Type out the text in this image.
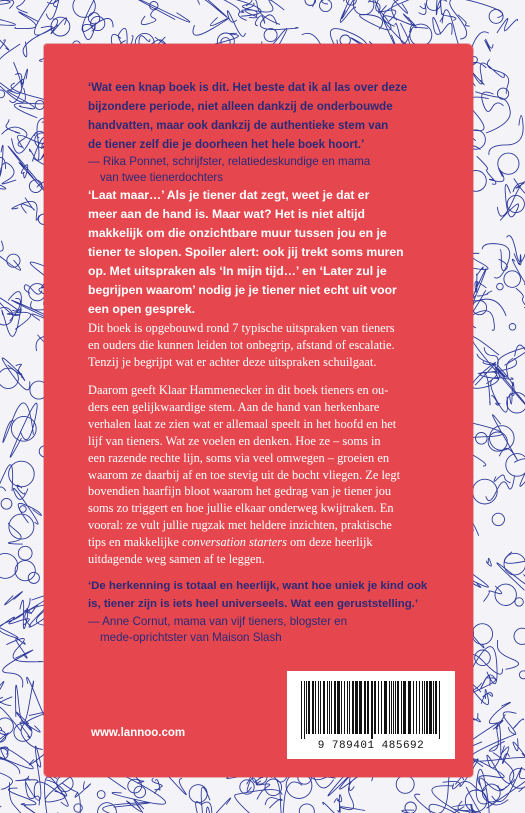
‘Wat een knap boek is dit. Het beste dat ik al las over deze
bijzondere periode, niet alleen dankzij de onderbouwde
handvatten, maar ook dankzij de authentieke stem van
de tiener zelf die je doorheen het hele boek hoort.’
— Rika Ponnet, schrijfster, relatiedeskundige en mama
van twee tienerdochters
‘Laat maar…’ Als je tiener dat zegt, weet je dat er
meer aan de hand is. Maar wat? Het is niet altijd
makkelijk om die onzichtbare muur tussen jou en je
tiener te slopen. Spoiler alert: ook jij trekt soms muren
op. Met uitspraken als ‘In mijn tijd…’ en ‘Later zul je
begrijpen waarom’ nodig je je tiener niet echt uit voor
een open gesprek.
Dit boek is opgebouwd rond 7 typische uitspraken van tieners
en ouders die kunnen leiden tot onbegrip, afstand of escalatie.
Tenzij je begrijpt wat er achter deze uitspraken schuilgaat.
Daarom geeft Klaar Hammenecker in dit boek tieners en ou-
ders een gelijkwaardige stem. Aan de hand van herkenbare
verhalen laat ze zien wat er allemaal speelt in het hoofd en het
lijf van tieners. Wat ze voelen en denken. Hoe ze – soms in
een razende rechte lijn, soms via veel omwegen – groeien en
waarom ze daarbij af en toe stevig uit de bocht vliegen. Ze legt
bovendien haarfijn bloot waarom het gedrag van je tiener jou
soms zo triggert en hoe jullie elkaar onderweg kwijtraken. En
vooral: ze vult jullie rugzak met heldere inzichten, praktische
tips en makkelijke conversation starters om deze heerlijk
uitdagende weg samen af te leggen.
‘De herkenning is totaal en heerlijk, want hoe uniek je kind ook
is, tiener zijn is iets heel universeels. Wat een geruststelling.’
— Anne Cornut, mama van vijf tieners, blogster en
mede-oprichtster van Maison Slash

www.lannoo.com

9 789401 485692
